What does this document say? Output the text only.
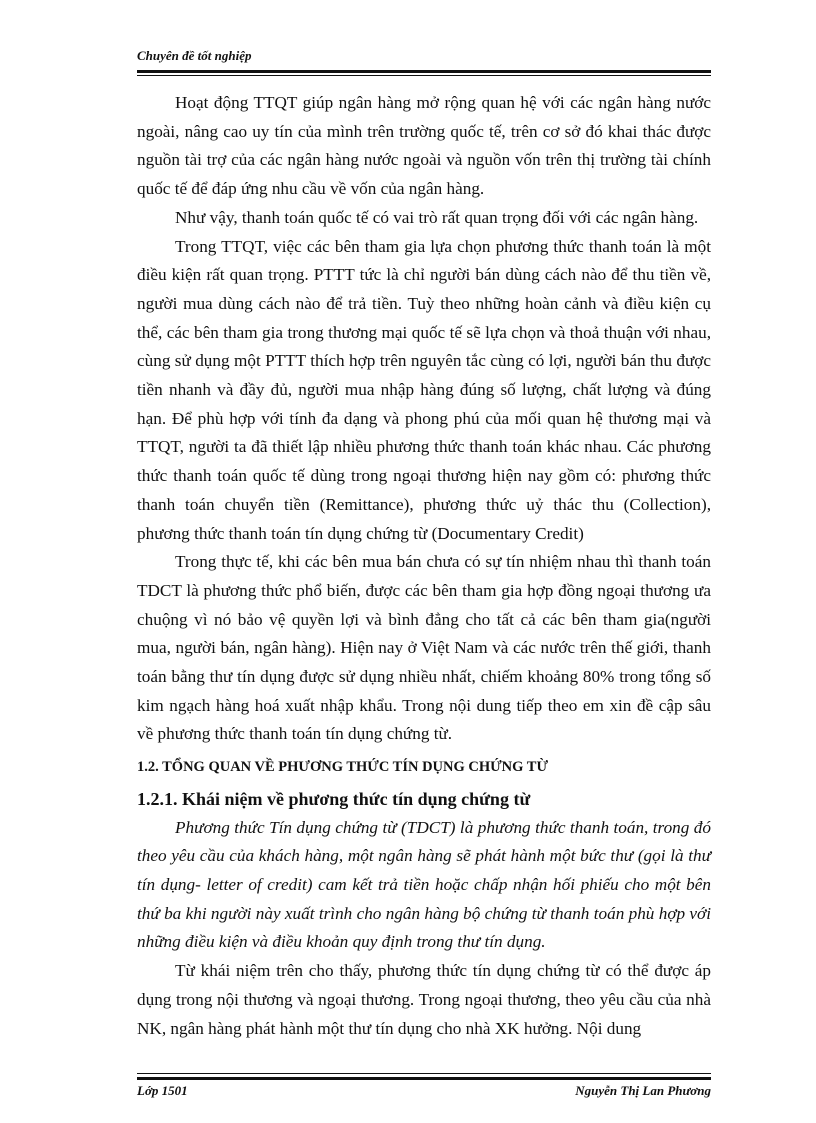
Chuyên đề tốt nghiệp

Hoạt động TTQT giúp ngân hàng mở rộng quan hệ với các ngân hàng nước ngoài, nâng cao uy tín của mình trên trường quốc tế, trên cơ sở đó khai thác được nguồn tài trợ của các ngân hàng nước ngoài và nguồn vốn trên thị trường tài chính quốc tế để đáp ứng nhu cầu về vốn của ngân hàng.

Như vậy, thanh toán quốc tế có vai trò rất quan trọng đối với các ngân hàng.

Trong TTQT, việc các bên tham gia lựa chọn phương thức thanh toán là một điều kiện rất quan trọng. PTTT tức là chỉ người bán dùng cách nào để thu tiền về, người mua dùng cách nào để trả tiền. Tuỳ theo những hoàn cảnh và điều kiện cụ thể, các bên tham gia trong thương mại quốc tế sẽ lựa chọn và thoả thuận với nhau, cùng sử dụng một PTTT thích hợp trên nguyên tắc cùng có lợi, người bán thu được tiền nhanh và đầy đủ, người mua nhập hàng đúng số lượng, chất lượng và đúng hạn. Để phù hợp với tính đa dạng và phong phú của mối quan hệ thương mại và TTQT, người ta đã thiết lập nhiều phương thức thanh toán khác nhau. Các phương thức thanh toán quốc tế dùng trong ngoại thương hiện nay gồm có: phương thức thanh toán chuyển tiền (Remittance), phương thức uỷ thác thu (Collection), phương thức thanh toán tín dụng chứng từ (Documentary Credit)

Trong thực tế, khi các bên mua bán chưa có sự tín nhiệm nhau thì thanh toán TDCT là phương thức phổ biến, được các bên tham gia hợp đồng ngoại thương ưa chuộng vì nó bảo vệ quyền lợi và bình đẳng cho tất cả các bên tham gia(người mua, người bán, ngân hàng). Hiện nay ở Việt Nam và các nước trên thế giới, thanh toán bằng thư tín dụng được sử dụng nhiều nhất, chiếm khoảng 80% trong tổng số kim ngạch hàng hoá xuất nhập khẩu. Trong nội dung tiếp theo em xin đề cập sâu về phương thức thanh toán tín dụng chứng từ.

1.2. TỔNG QUAN VỀ PHƯƠNG THỨC TÍN DỤNG CHỨNG TỪ

1.2.1. Khái niệm về phương thức tín dụng chứng từ

Phương thức Tín dụng chứng từ (TDCT) là phương thức thanh toán, trong đó theo yêu cầu của khách hàng, một ngân hàng sẽ phát hành một bức thư (gọi là thư tín dụng- letter of credit) cam kết trả tiền hoặc chấp nhận hối phiếu cho một bên thứ ba khi người này xuất trình cho ngân hàng bộ chứng từ thanh toán phù hợp với những điều kiện và điều khoản quy định trong thư tín dụng.

Từ khái niệm trên cho thấy, phương thức tín dụng chứng từ có thể được áp dụng trong nội thương và ngoại thương. Trong ngoại thương, theo yêu cầu của nhà NK, ngân hàng phát hành một thư tín dụng cho nhà XK hưởng. Nội dung

Lớp 1501	Nguyễn Thị Lan Phương
